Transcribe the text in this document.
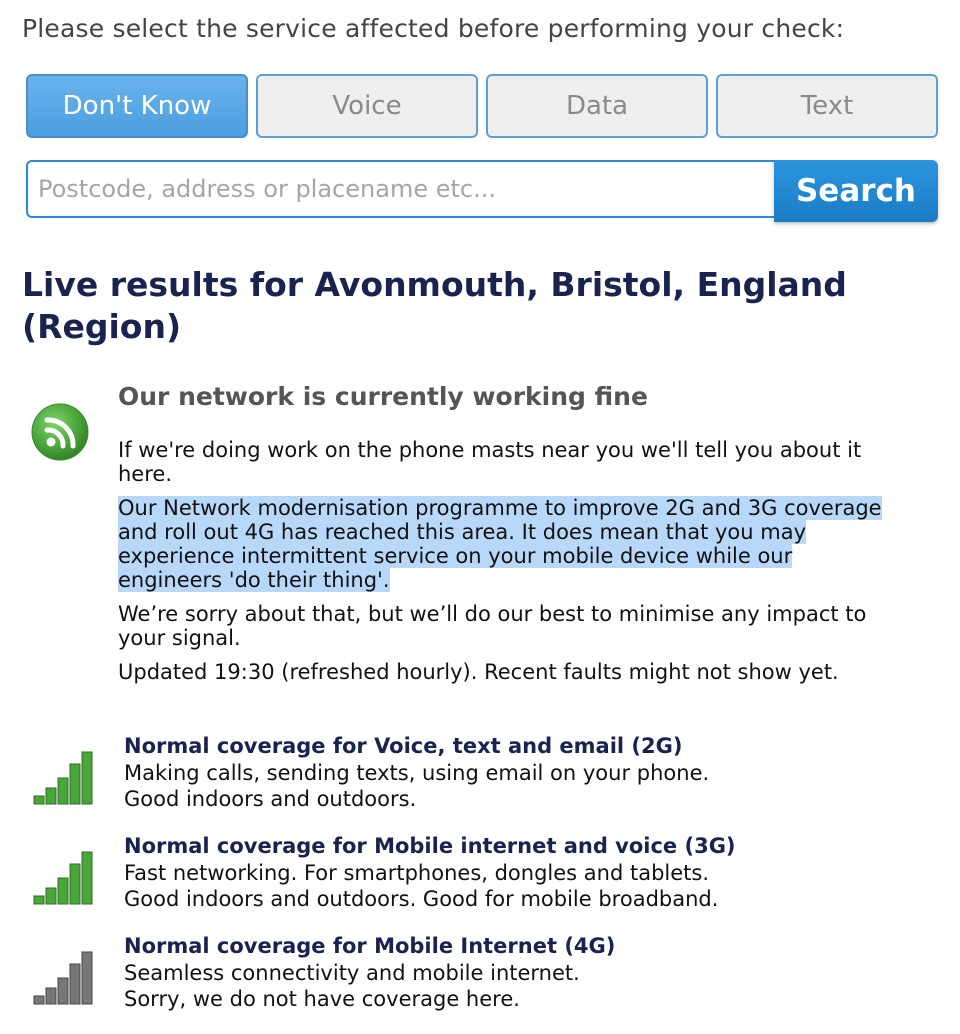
Please select the service affected before performing your check:
Don't Know	Voice	Data	Text
Postcode, address or placename etc...
Search
Live results for Avonmouth, Bristol, England (Region)
Our network is currently working fine

If we're doing work on the phone masts near you we'll tell you about it here.

Our Network modernisation programme to improve 2G and 3G coverage and roll out 4G has reached this area. It does mean that you may experience intermittent service on your mobile device while our engineers 'do their thing'.

We’re sorry about that, but we’ll do our best to minimise any impact to your signal.

Updated 19:30 (refreshed hourly). Recent faults might not show yet.

Normal coverage for Voice, text and email (2G)
Making calls, sending texts, using email on your phone.
Good indoors and outdoors.
Normal coverage for Mobile internet and voice (3G)
Fast networking. For smartphones, dongles and tablets.
Good indoors and outdoors. Good for mobile broadband.
Normal coverage for Mobile Internet (4G)
Seamless connectivity and mobile internet.
Sorry, we do not have coverage here.
